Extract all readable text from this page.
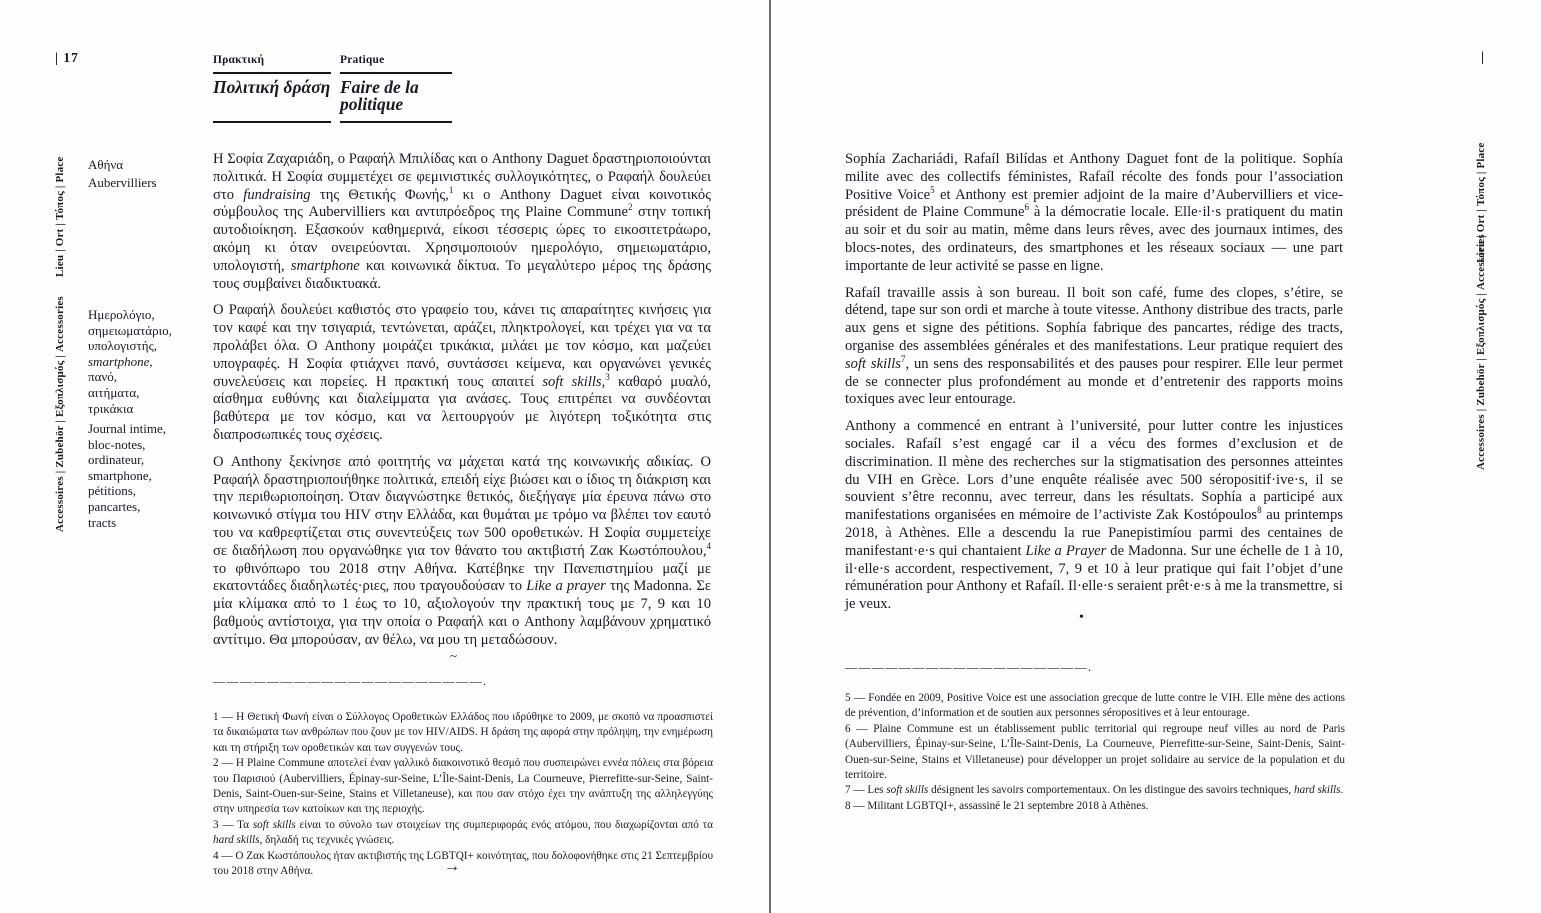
| 17
Lieu | Ort | Τόπος | Place
Accessoires | Zubehör | Εξοπλισμός | Accessories
Πρακτική	Pratique
Πολιτική δράση Faire de la politique
Αθήνα
Aubervilliers
Ημερολόγιο,
σημειωματάριο,
υπολογιστής,
smartphone,
πανό,
αιτήματα,
τρικάκια
Journal intime,
bloc-notes,
ordinateur,
smartphone,
pétitions,
pancartes,
tracts

Η Σοφία Ζαχαριάδη, ο Ραφαήλ Μπιλίδας και ο Anthony Daguet δραστηριοποιούνται πολιτικά. Η Σοφία συμμετέχει σε φεμινιστικές συλλογικότητες, ο Ραφαήλ δουλεύει στο fundraising της Θετικής Φωνής,$^1$ κι ο Anthony Daguet είναι κοινοτικός σύμβουλος της Aubervilliers και αντιπρόεδρος της Plaine Commune$^2$ στην τοπική αυτοδιοίκηση. Εξασκούν καθημερινά, είκοσι τέσσερις ώρες το εικοσιτετράωρο, ακόμη κι όταν ονειρεύονται. Χρησιμοποιούν ημερολόγιο, σημειωματάριο, υπολογιστή, smartphone και κοινωνικά δίκτυα. Το μεγαλύτερο μέρος της δράσης τους συμβαίνει διαδικτυακά.

Ο Ραφαήλ δουλεύει καθιστός στο γραφείο του, κάνει τις απαραίτητες κινήσεις για τον καφέ και την τσιγαριά, τεντώνεται, αράζει, πληκτρολογεί, και τρέχει για να τα προλάβει όλα. Ο Anthony μοιράζει τρικάκια, μιλάει με τον κόσμο, και μαζεύει υπογραφές. Η Σοφία φτιάχνει πανό, συντάσσει κείμενα, και οργανώνει γενικές συνελεύσεις και πορείες. Η πρακτική τους απαιτεί soft skills,$^3$ καθαρό μυαλό, αίσθημα ευθύνης και διαλείμματα για ανάσες. Τους επιτρέπει να συνδέονται βαθύτερα με τον κόσμο, και να λειτουργούν με λιγότερη τοξικότητα στις διαπροσωπικές τους σχέσεις.

Ο Anthony ξεκίνησε από φοιτητής να μάχεται κατά της κοινωνικής αδικίας. Ο Ραφαήλ δραστηριοποιήθηκε πολιτικά, επειδή είχε βιώσει και ο ίδιος τη διάκριση και την περιθωριοποίηση. Όταν διαγνώστηκε θετικός, διεξήγαγε μία έρευνα πάνω στο κοινωνικό στίγμα του HIV στην Ελλάδα, και θυμάται με τρόμο να βλέπει τον εαυτό του να καθρεφτίζεται στις συνεντεύξεις των 500 οροθετικών. Η Σοφία συμμετείχε σε διαδήλωση που οργανώθηκε για τον θάνατο του ακτιβιστή Ζακ Κωστόπουλου,$^4$ το φθινόπωρο του 2018 στην Αθήνα. Κατέβηκε την Πανεπιστημίου μαζί με εκατοντάδες διαδηλωτές·ριες, που τραγουδούσαν το Like a prayer της Madonna. Σε μία κλίμακα από το 1 έως το 10, αξιολογούν την πρακτική τους με 7, 9 και 10 βαθμούς αντίστοιχα, για την οποία ο Ραφαήλ και ο Anthony λαμβάνουν χρηματικό αντίτιμο. Θα μπορούσαν, αν θέλω, να μου τη μεταδώσουν.

~
————————————————————.

1 — Η Θετική Φωνή είναι ο Σύλλογος Οροθετικών Ελλάδος που ιδρύθηκε το 2009, με σκοπό να προασπιστεί τα δικαιώματα των ανθρώπων που ζουν με τον HIV/AIDS. Η δράση της αφορά στην πρόληψη, την ενημέρωση και τη στήριξη των οροθετικών και των συγγενών τους.

2 — Η Plaine Commune αποτελεί έναν γαλλικό διακοινοτικό θεσμό που συσπειρώνει εννέα πόλεις στα βόρεια του Παρισιού (Aubervilliers, Épinay-sur-Seine, L’Île-Saint-Denis, La Courneuve, Pierrefitte-sur-Seine, Saint-Denis, Saint-Ouen-sur-Seine, Stains et Villetaneuse), και που σαν στόχο έχει την ανάπτυξη της αλληλεγγύης στην υπηρεσία των κατοίκων και της περιοχής.

3 — Τα soft skills είναι το σύνολο των στοιχείων της συμπεριφοράς ενός ατόμου, που διαχωρίζονται από τα hard skills, δηλαδή τις τεχνικές γνώσεις.

4 — Ο Ζακ Κωστόπουλος ήταν ακτιβιστής της LGBTQI+ κοινότητας, που δολοφονήθηκε στις 21 Σεπτεμβρίου του 2018 στην Αθήνα.	→
|
Lieu | Ort | Τόπος | Place
Accessoires | Zubehör | Εξοπλισμός | Accessories

Sophía Zachariádi, Rafaíl Bilídas et Anthony Daguet font de la politique. Sophía milite avec des collectifs féministes, Rafaíl récolte des fonds pour l’association Positive Voice$^5$ et Anthony est premier adjoint de la maire d’Aubervilliers et vice-président de Plaine Commune$^6$ à la démocratie locale. Elle·il·s pratiquent du matin au soir et du soir au matin, même dans leurs rêves, avec des journaux intimes, des blocs-notes, des ordinateurs, des smartphones et les réseaux sociaux — une part importante de leur activité se passe en ligne.

Rafaíl travaille assis à son bureau. Il boit son café, fume des clopes, s’étire, se détend, tape sur son ordi et marche à toute vitesse. Anthony distribue des tracts, parle aux gens et signe des pétitions. Sophía fabrique des pancartes, rédige des tracts, organise des assemblées générales et des manifestations. Leur pratique requiert des soft skills$^7$, un sens des responsabilités et des pauses pour respirer. Elle leur permet de se connecter plus profondément au monde et d’entretenir des rapports moins toxiques avec leur entourage.

Anthony a commencé en entrant à l’université, pour lutter contre les injustices sociales. Rafaíl s’est engagé car il a vécu des formes d’exclusion et de discrimination. Il mène des recherches sur la stigmatisation des personnes atteintes du VIH en Grèce. Lors d’une enquête réalisée avec 500 séropositif·ive·s, il se souvient s’être reconnu, avec terreur, dans les résultats. Sophía a participé aux manifestations organisées en mémoire de l’activiste Zak Kostópoulos$^8$ au printemps 2018, à Athènes. Elle a descendu la rue Panepistimíou parmi des centaines de manifestant·e·s qui chantaient Like a Prayer de Madonna. Sur une échelle de 1 à 10, il·elle·s accordent, respectivement, 7, 9 et 10 à leur pratique qui fait l’objet d’une rémunération pour Anthony et Rafaíl. Il·elle·s seraient prêt·e·s à me la transmettre, si je veux.

•
——————————————————.

5 — Fondée en 2009, Positive Voice est une association grecque de lutte contre le VIH. Elle mène des actions de prévention, d’information et de soutien aux personnes séropositives et à leur entourage.

6 — Plaine Commune est un établissement public territorial qui regroupe neuf villes au nord de Paris (Aubervilliers, Épinay-sur-Seine, L’Île-Saint-Denis, La Courneuve, Pierrefitte-sur-Seine, Saint-Denis, Saint-Ouen-sur-Seine, Stains et Villetaneuse) pour développer un projet solidaire au service de la population et du territoire.

7 — Les soft skills désignent les savoirs comportementaux. On les distingue des savoirs techniques, hard skills.

8 — Militant LGBTQI+, assassiné le 21 septembre 2018 à Athènes.
